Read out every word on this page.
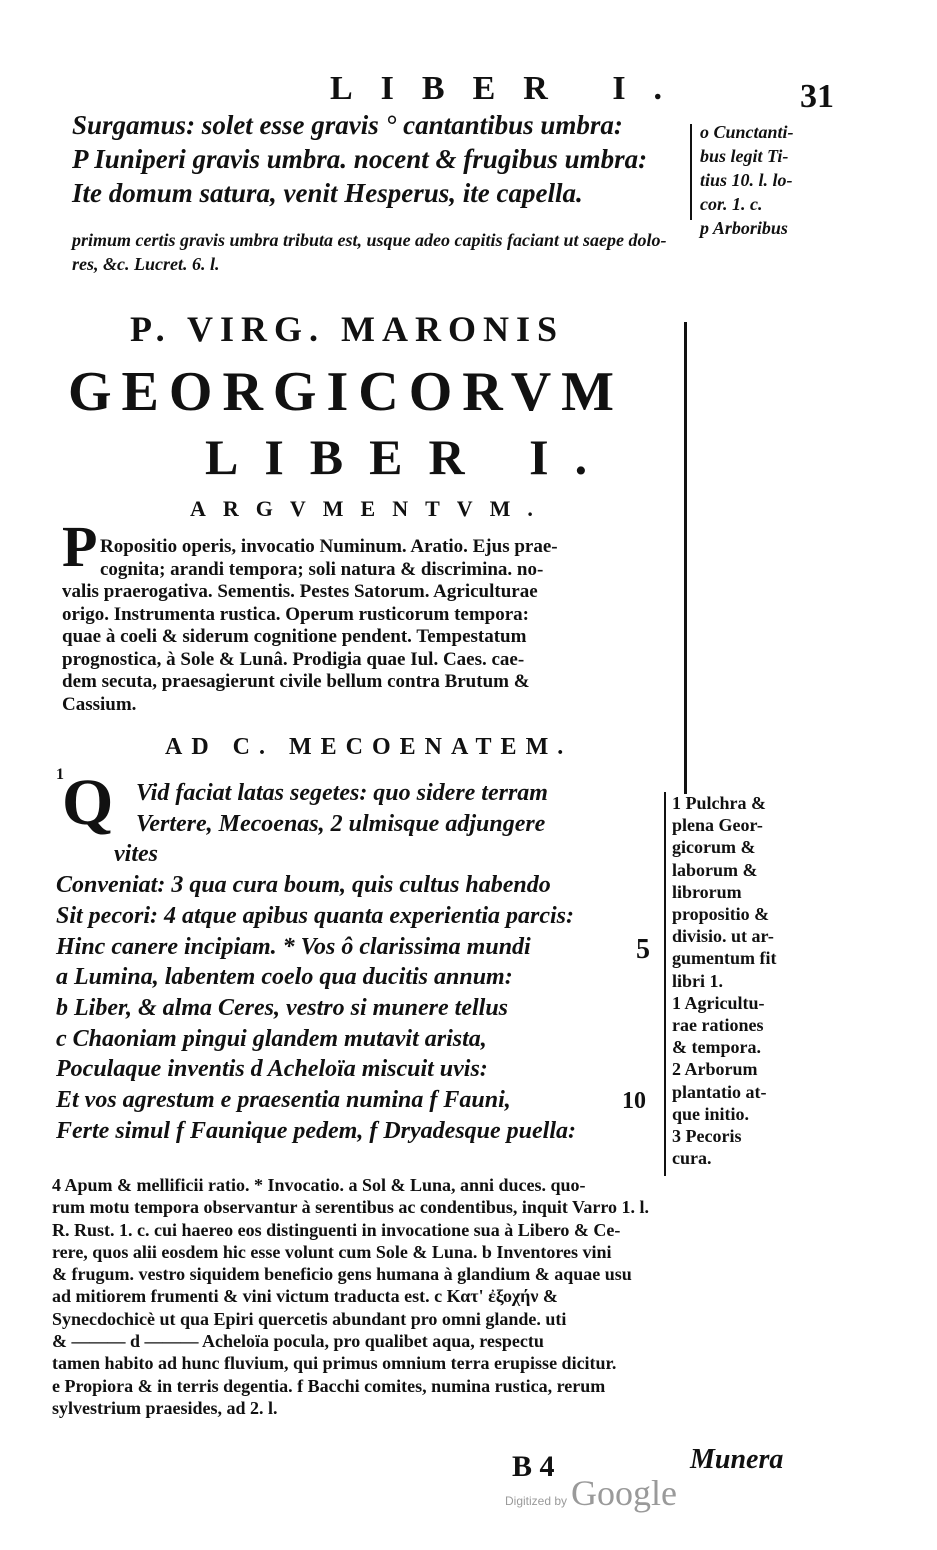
LIBER I.	31
Surgamus: solet esse gravis ° cantantibus umbra:
P Iuniperi gravis umbra. nocent & frugibus umbra:
Ite domum satura, venit Hesperus, ite capella.
o Cunctanti-
bus legit Ti-
tius 10. l. lo-
cor. 1. c.
p Arboribus
primum certis gravis umbra tributa est, usque adeo capitis faciant ut saepe dolo-
res, &c. Lucret. 6. l.
P. VIRG. MARONIS
GEORGICORVM
LIBER I.
ARGVMENTVM.
P Ropositio operis, invocatio Numinum. Aratio. Ejus prae-
cognita; arandi tempora; soli natura & discrimina. no-
valis praerogativa. Sementis. Pestes Satorum. Agriculturae
origo. Instrumenta rustica. Operum rusticorum tempora:
quae à coeli & siderum cognitione pendent. Tempestatum
prognostica, à Sole & Lunâ. Prodigia quae Iul. Caes. cae-
dem secuta, praesagierunt civile bellum contra Brutum &
Cassium.
AD C. MECOENATEM.
1
Q Vid faciat latas segetes: quo sidere terram
Vertere, Mecoenas, 2 ulmisque adjungere
vites
Conveniat: 3 qua cura boum, quis cultus habendo
Sit pecori: 4 atque apibus quanta experientia parcis:
Hinc canere incipiam. * Vos ô clarissima mundi
a Lumina, labentem coelo qua ducitis annum:
b Liber, & alma Ceres, vestro si munere tellus
c Chaoniam pingui glandem mutavit arista,
Poculaque inventis d Acheloïa miscuit uvis:
Et vos agrestum e praesentia numina f Fauni,
Ferte simul f Faunique pedem, f Dryadesque puella:
5
10
1 Pulchra &
plena Geor-
gicorum &
laborum &
librorum
propositio &
divisio. ut ar-
gumentum fit
libri 1.
1 Agricultu-
rae rationes
& tempora.
2 Arborum
plantatio at-
que initio.
3 Pecoris
cura.
4 Apum & mellificii ratio. * Invocatio. a Sol & Luna, anni duces. quo-
rum motu tempora observantur à serentibus ac condentibus, inquit Varro 1. l.
R. Rust. 1. c. cui haereo eos distinguenti in invocatione sua à Libero & Ce-
rere, quos alii eosdem hic esse volunt cum Sole & Luna. b Inventores vini
& frugum. vestro siquidem beneficio gens humana à glandium & aquae usu
ad mitiorem frumenti & vini victum traducta est. c Κατ' ἐξοχήν &
Synecdochicè ut qua Epiri quercetis abundant pro omni glande. uti
& ——— d ——— Acheloïa pocula, pro qualibet aqua, respectu
tamen habito ad hunc fluvium, qui primus omnium terra erupisse dicitur.
e Propiora & in terris degentia. f Bacchi comites, numina rustica, rerum
sylvestrium praesides, ad 2. l.
B 4	Munera
Digitized by Google
